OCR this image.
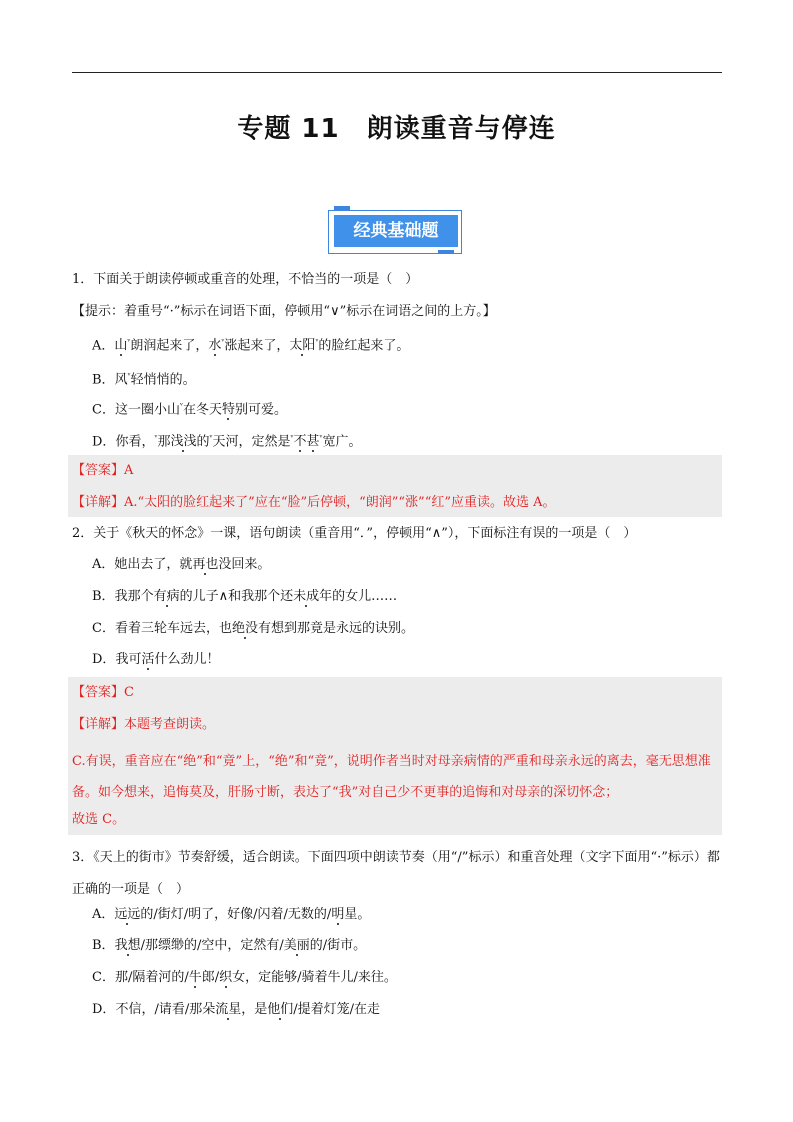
专题 11　朗读重音与停连
经典基础题
1．下面关于朗读停顿或重音的处理，不恰当的一项是（　）
【提示：着重号“·”标示在词语下面，停顿用“∨”标示在词语之间的上方。】
A．山$^ᵛ$朗润起来了，水$^ᵛ$涨起来了，太阳$^ᵛ$的脸红起来了。
B．风$^ᵛ$轻悄悄的。
C．这一圈小山$^ᵛ$在冬天特别可爱。
D．你看，$^ᵛ$那浅浅的$^ᵛ$天河，定然是$^ᵛ$不甚$^ᵛ$宽广。
【答案】A
【详解】A.“太阳的脸红起来了”应在“脸”后停顿，“朗润”“涨”“红”应重读。故选 A。
2．关于《秋天的怀念》一课，语句朗读（重音用“．”，停顿用“∧”），下面标注有误的一项是（　）
A．她出去了，就再也没回来。
B．我那个有病的儿子∧和我那个还未成年的女儿……
C．看着三轮车远去，也绝没有想到那竟是永远的诀别。
D．我可活什么劲儿！
【答案】C
【详解】本题考查朗读。
C.有误，重音应在“绝”和“竟”上，“绝”和“竟”，说明作者当时对母亲病情的严重和母亲永远的离去，毫无思想准备。如今想来，追悔莫及，肝肠寸断，表达了“我”对自己少不更事的追悔和对母亲的深切怀念；
故选 C。
3．《天上的街市》节奏舒缓，适合朗读。下面四项中朗读节奏（用“/”标示）和重音处理（文字下面用“·”标示）都正确的一项是（　）
A．远远的/街灯/明了，好像/闪着/无数的/明星。
B．我想/那缥缈的/空中，定然有/美丽的/街市。
C．那/隔着河的/牛郎/织女，定能够/骑着牛儿/来往。
D．不信，/请看/那朵流星，是他们/提着灯笼/在走
